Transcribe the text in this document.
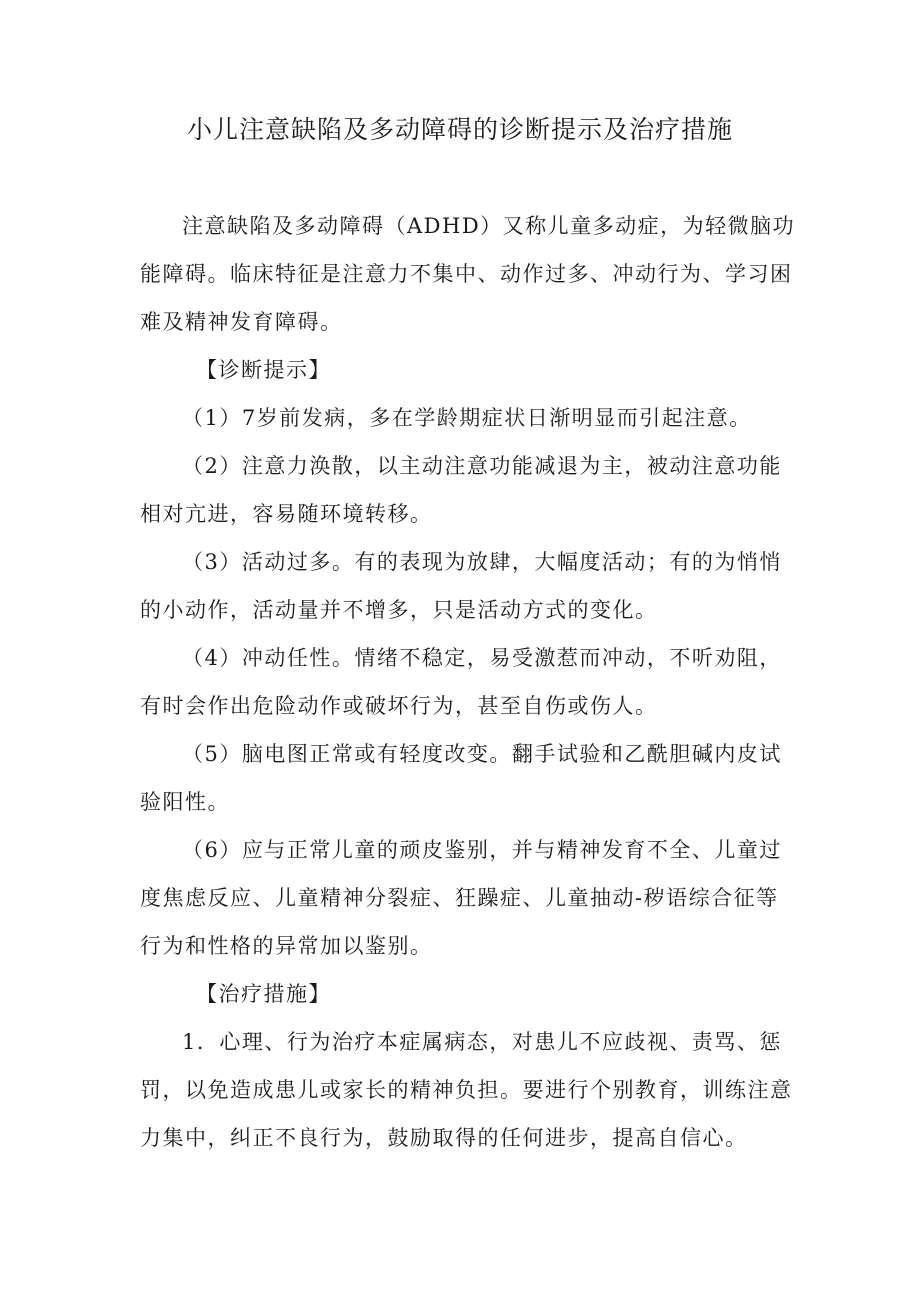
小儿注意缺陷及多动障碍的诊断提示及治疗措施

注意缺陷及多动障碍（ADHD）又称儿童多动症，为轻微脑功能障碍。临床特征是注意力不集中、动作过多、冲动行为、学习困难及精神发育障碍。

【诊断提示】

（1）7岁前发病，多在学龄期症状日渐明显而引起注意。

（2）注意力涣散，以主动注意功能减退为主，被动注意功能相对亢进，容易随环境转移。

（3）活动过多。有的表现为放肆，大幅度活动；有的为悄悄的小动作，活动量并不增多，只是活动方式的变化。

（4）冲动任性。情绪不稳定，易受激惹而冲动，不听劝阻，有时会作出危险动作或破坏行为，甚至自伤或伤人。

（5）脑电图正常或有轻度改变。翻手试验和乙酰胆碱内皮试验阳性。

（6）应与正常儿童的顽皮鉴别，并与精神发育不全、儿童过度焦虑反应、儿童精神分裂症、狂躁症、儿童抽动-秽语综合征等行为和性格的异常加以鉴别。

【治疗措施】

1．心理、行为治疗本症属病态，对患儿不应歧视、责骂、惩罚，以免造成患儿或家长的精神负担。要进行个别教育，训练注意力集中，纠正不良行为，鼓励取得的任何进步，提高自信心。
